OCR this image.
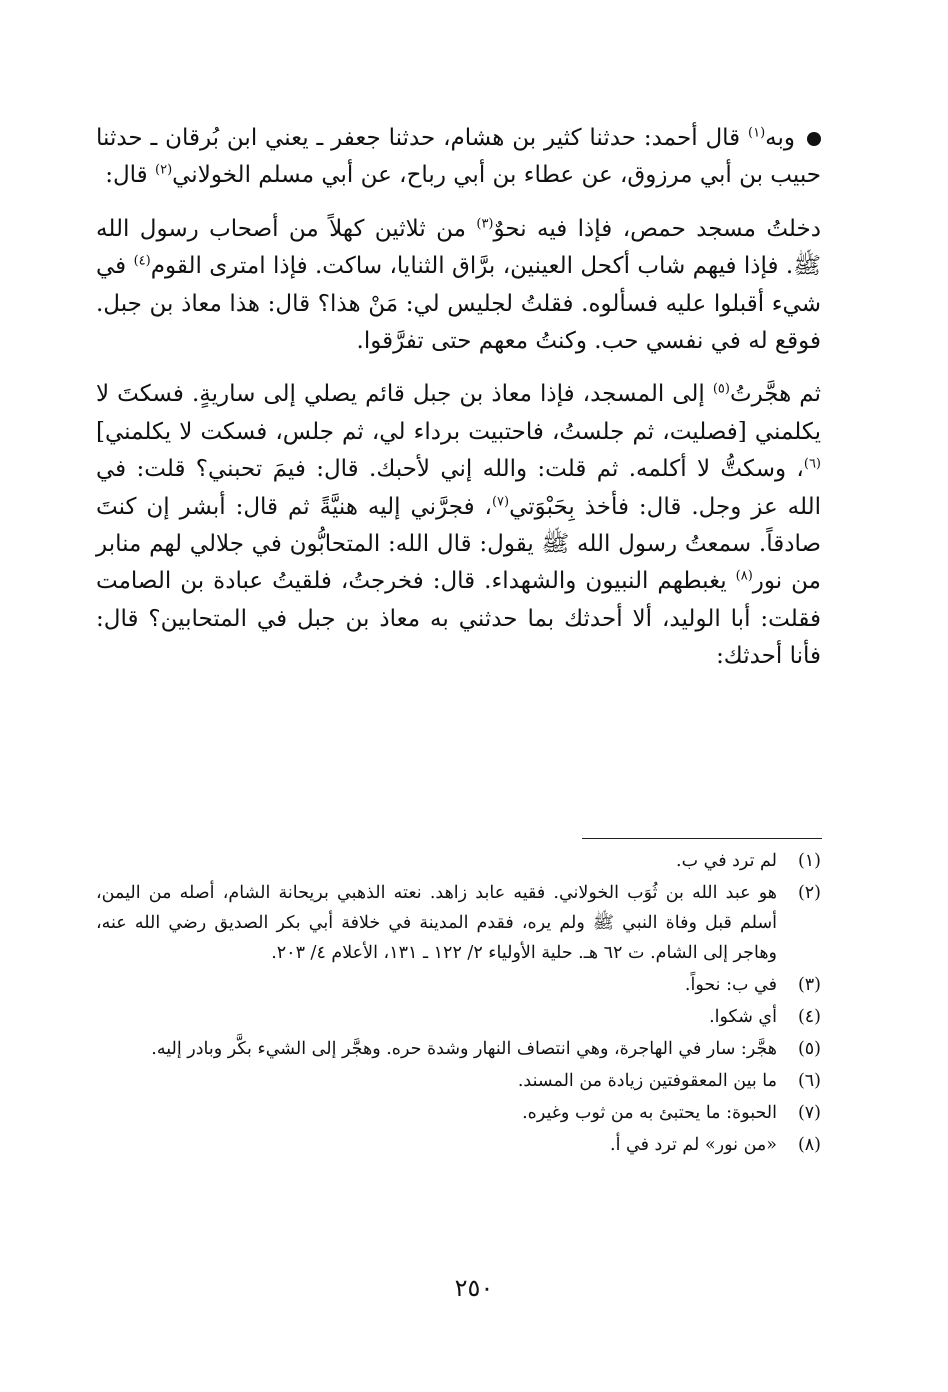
وبه$^{(١)}$ قال أحمد: حدثنا كثير بن هشام، حدثنا جعفر ـ يعني ابن بُرقان ـ حدثنا حبيب بن أبي مرزوق، عن عطاء بن أبي رباح، عن أبي مسلم الخولاني$^{(٢)}$ قال:

دخلتُ مسجد حمص، فإذا فيه نحوٌ$^{(٣)}$ من ثلاثين كهلاً من أصحاب رسول الله ﷺ. فإذا فيهم شاب أكحل العينين، برَّاق الثنايا، ساكت. فإذا امترى القوم$^{(٤)}$ في شيء أقبلوا عليه فسألوه. فقلتُ لجليس لي: مَنْ هذا؟ قال: هذا معاذ بن جبل. فوقع له في نفسي حب. وكنتُ معهم حتى تفرَّقوا.

ثم هجَّرتُ$^{(٥)}$ إلى المسجد، فإذا معاذ بن جبل قائم يصلي إلى ساريةٍ. فسكتَ لا يكلمني [فصليت، ثم جلستُ، فاحتبيت برداء لي، ثم جلس، فسكت لا يكلمني]$^{(٦)}$، وسكتُّ لا أكلمه. ثم قلت: والله إني لأحبك. قال: فيمَ تحبني؟ قلت: في الله عز وجل. قال: فأخذ بِحَبْوَتي$^{(٧)}$، فجرَّني إليه هنيَّةً ثم قال: أبشر إن كنتَ صادقاً. سمعتُ رسول الله ﷺ يقول: قال الله: المتحابُّون في جلالي لهم منابر من نور$^{(٨)}$ يغبطهم النبيون والشهداء. قال: فخرجتُ، فلقيتُ عبادة بن الصامت فقلت: أبا الوليد، ألا أحدثك بما حدثني به معاذ بن جبل في المتحابين؟ قال: فأنا أحدثك:

(١)
لم ترد في ب.
(٢)
هو عبد الله بن ثُوَب الخولاني. فقيه عابد زاهد. نعته الذهبي بريحانة الشام، أصله من اليمن، أسلم قبل وفاة النبي ﷺ ولم يره، فقدم المدينة في خلافة أبي بكر الصديق رضي الله عنه، وهاجر إلى الشام. ت ٦٢ هـ. حلية الأولياء ٢/ ١٢٢ ـ ١٣١، الأعلام ٤/ ٢٠٣.
(٣)
في ب: نحواً.
(٤)
أي شكوا.
(٥)
هجَّر: سار في الهاجرة، وهي انتصاف النهار وشدة حره. وهجَّر إلى الشيء بكَّر وبادر إليه.
(٦)
ما بين المعقوفتين زيادة من المسند.
(٧)
الحبوة: ما يحتبئ به من ثوب وغيره.
(٨)
«من نور» لم ترد في أ.
٢٥٠
